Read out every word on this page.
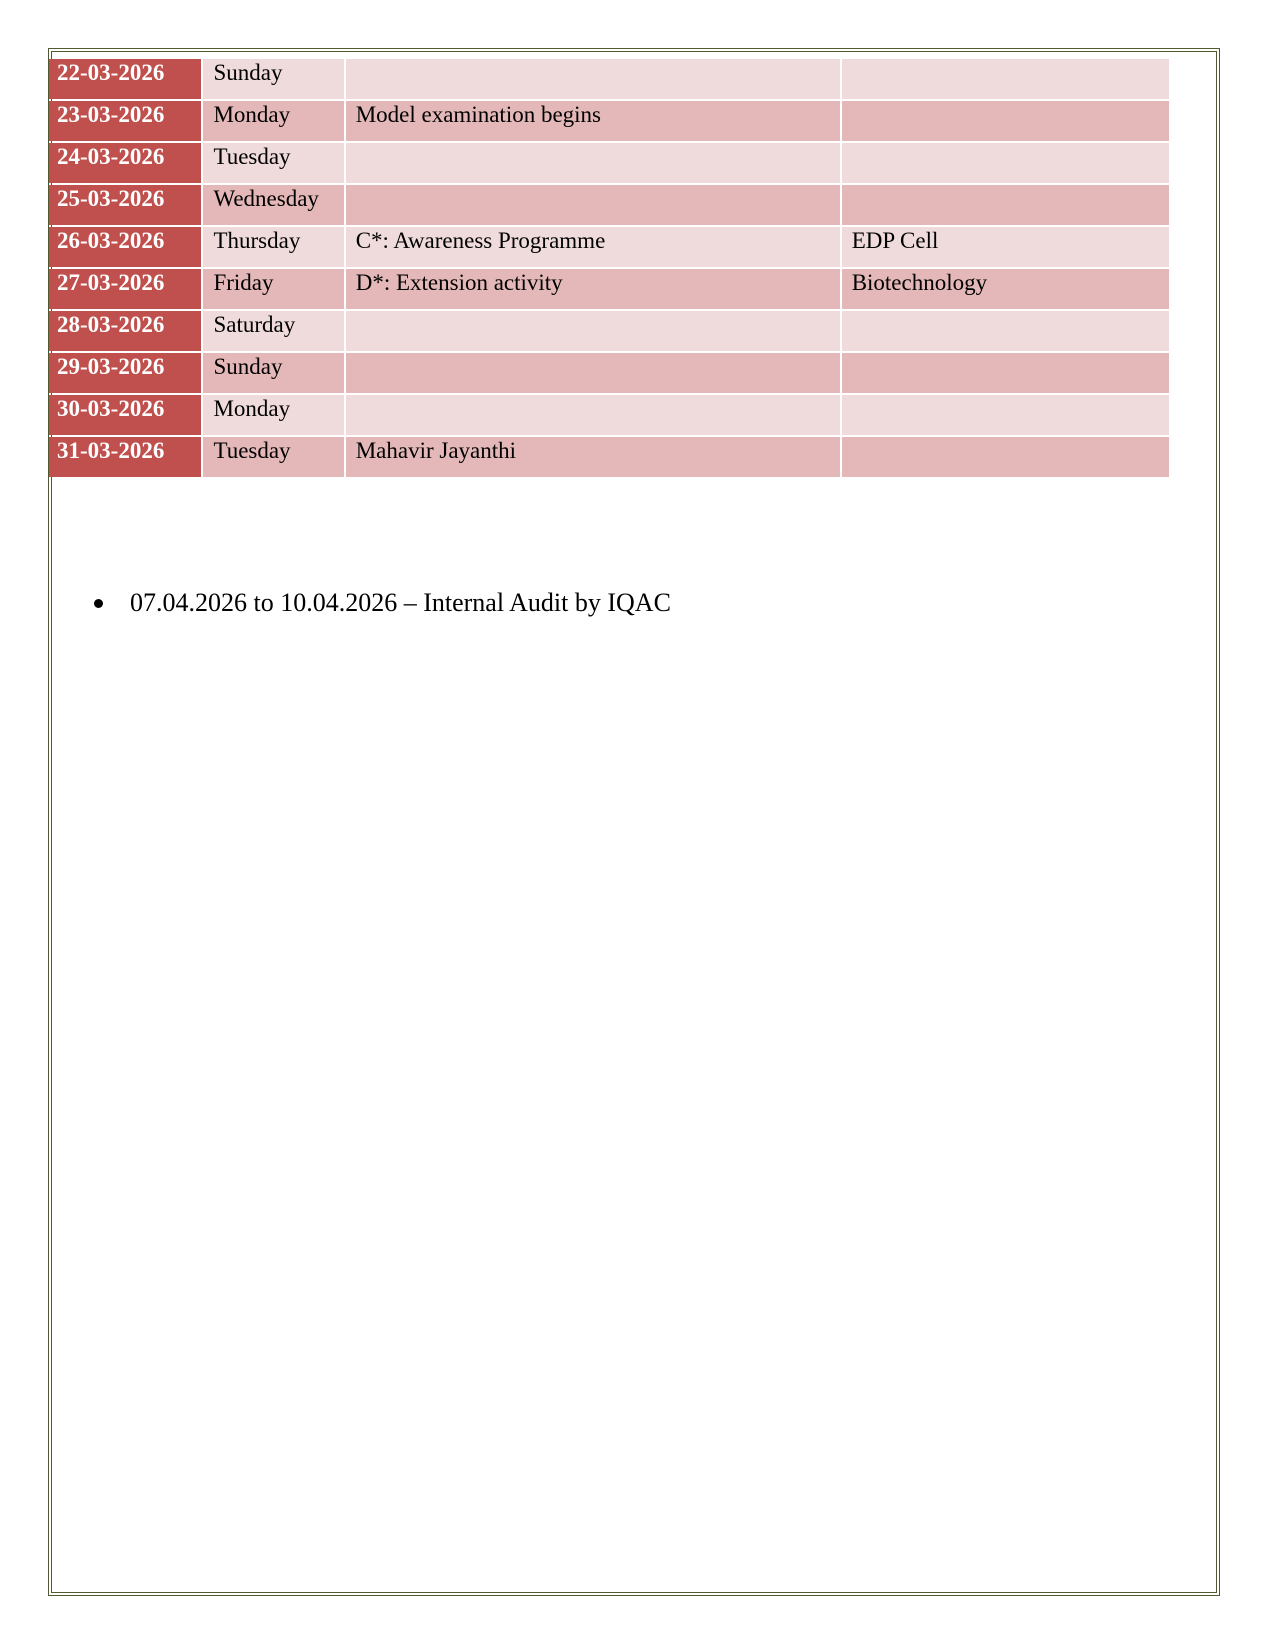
22-03-2026	Sunday		
23-03-2026	Monday	Model examination begins	
24-03-2026	Tuesday		
25-03-2026	Wednesday		
26-03-2026	Thursday	C*: Awareness Programme	EDP Cell
27-03-2026	Friday	D*: Extension activity	Biotechnology
28-03-2026	Saturday		
29-03-2026	Sunday		
30-03-2026	Monday		
31-03-2026	Tuesday	Mahavir Jayanthi	
07.04.2026 to 10.04.2026 – Internal Audit by IQAC
